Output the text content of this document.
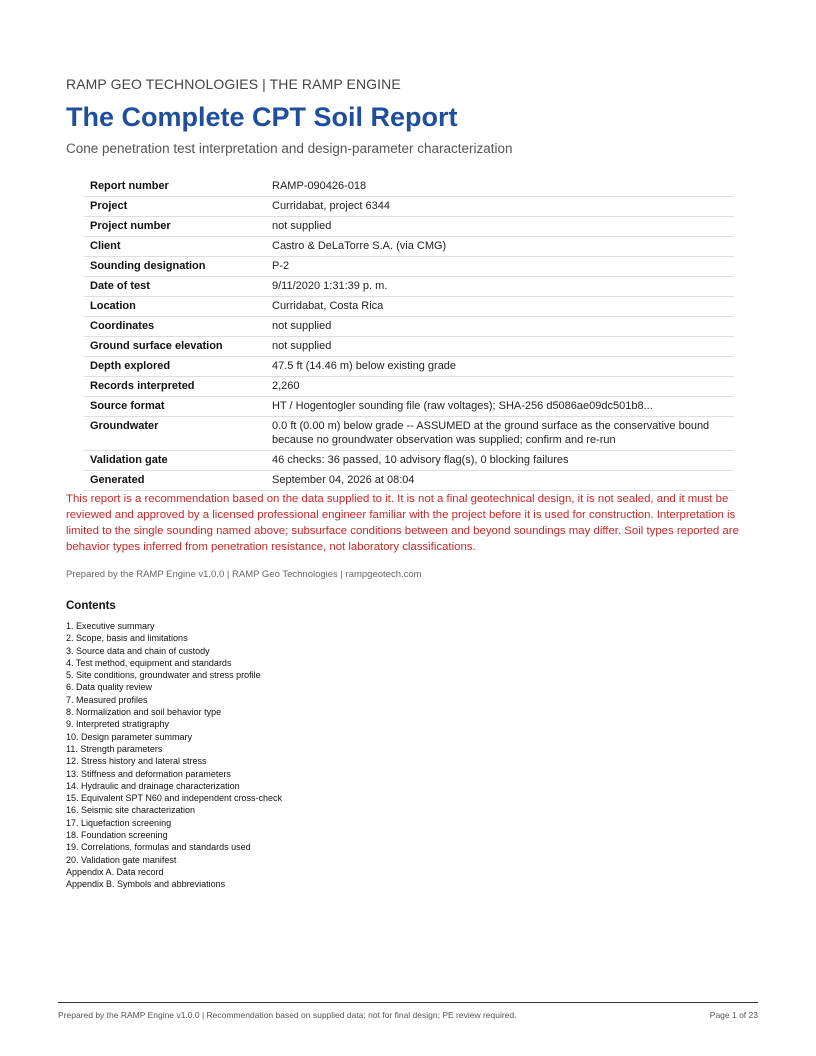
RAMP GEO TECHNOLOGIES | THE RAMP ENGINE
The Complete CPT Soil Report
Cone penetration test interpretation and design-parameter characterization
Report number	RAMP-090426-018
Project	Curridabat, project 6344
Project number	not supplied
Client	Castro & DeLaTorre S.A. (via CMG)
Sounding designation	P-2
Date of test	9/11/2020 1:31:39 p. m.
Location	Curridabat, Costa Rica
Coordinates	not supplied
Ground surface elevation	not supplied
Depth explored	47.5 ft (14.46 m) below existing grade
Records interpreted	2,260
Source format	HT / Hogentogler sounding file (raw voltages); SHA-256 d5086ae09dc501b8...
Groundwater	0.0 ft (0.00 m) below grade -- ASSUMED at the ground surface as the conservative bound because no groundwater observation was supplied; confirm and re-run
Validation gate	46 checks: 36 passed, 10 advisory flag(s), 0 blocking failures
Generated	September 04, 2026 at 08:04
This report is a recommendation based on the data supplied to it. It is not a final geotechnical design, it is not sealed, and it must be reviewed and approved by a licensed professional engineer familiar with the project before it is used for construction. Interpretation is limited to the single sounding named above; subsurface conditions between and beyond soundings may differ. Soil types reported are behavior types inferred from penetration resistance, not laboratory classifications.
Prepared by the RAMP Engine v1.0.0 | RAMP Geo Technologies | rampgeotech.com
Contents
1. Executive summary
2. Scope, basis and limitations
3. Source data and chain of custody
4. Test method, equipment and standards
5. Site conditions, groundwater and stress profile
6. Data quality review
7. Measured profiles
8. Normalization and soil behavior type
9. Interpreted stratigraphy
10. Design parameter summary
11. Strength parameters
12. Stress history and lateral stress
13. Stiffness and deformation parameters
14. Hydraulic and drainage characterization
15. Equivalent SPT N60 and independent cross-check
16. Seismic site characterization
17. Liquefaction screening
18. Foundation screening
19. Correlations, formulas and standards used
20. Validation gate manifest
Appendix A. Data record
Appendix B. Symbols and abbreviations
Prepared by the RAMP Engine v1.0.0 | Recommendation based on supplied data; not for final design; PE review required.	Page 1 of 23
